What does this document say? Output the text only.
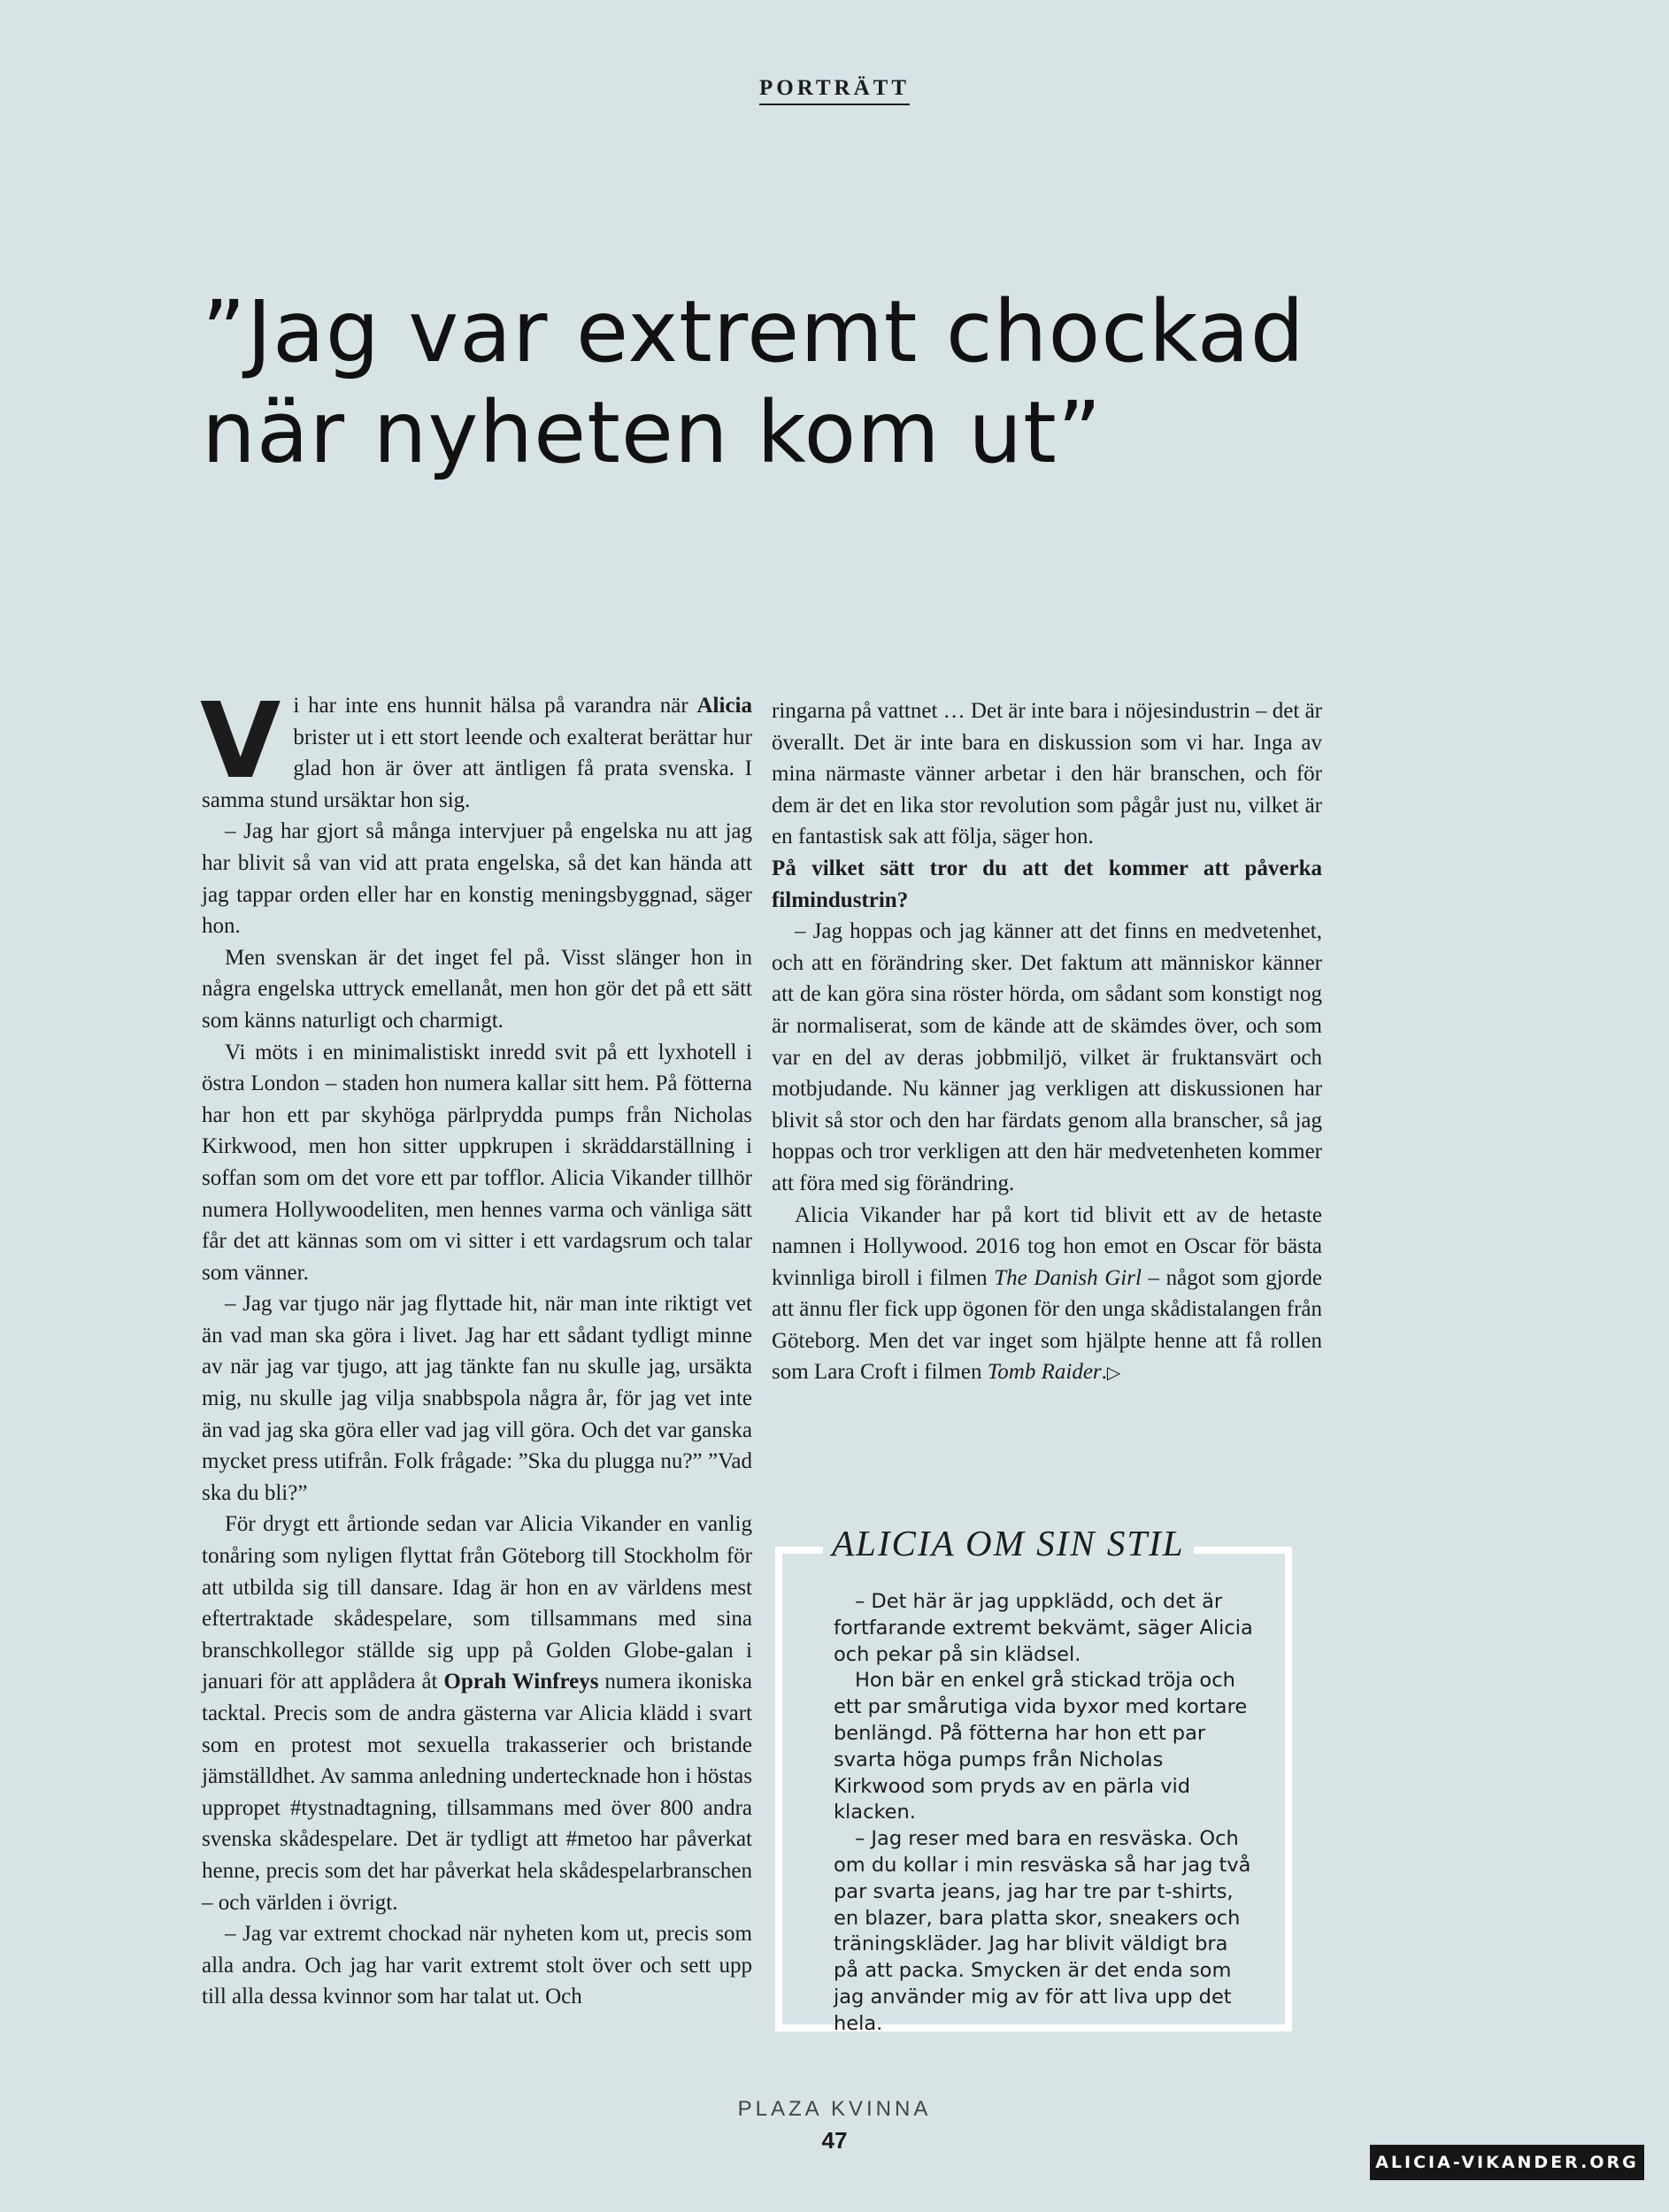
PORTRÄTT
”Jag var extremt chockad
när nyheten kom ut”

Vi har inte ens hunnit hälsa på varandra när Alicia brister ut i ett stort leende och exalterat berättar hur glad hon är över att äntligen få prata svenska. I samma stund ursäktar hon sig.

– Jag har gjort så många intervjuer på engelska nu att jag har blivit så van vid att prata engelska, så det kan hända att jag tappar orden eller har en konstig meningsbyggnad, säger hon.

Men svenskan är det inget fel på. Visst slänger hon in några engelska uttryck emellanåt, men hon gör det på ett sätt som känns naturligt och charmigt.

Vi möts i en minimalistiskt inredd svit på ett lyxhotell i östra London – staden hon numera kallar sitt hem. På fötterna har hon ett par skyhöga pärlprydda pumps från Nicholas Kirkwood, men hon sitter uppkrupen i skräddarställning i soffan som om det vore ett par tofflor. Alicia Vikander tillhör numera Hollywoodeliten, men hennes varma och vänliga sätt får det att kännas som om vi sitter i ett vardagsrum och talar som vänner.

– Jag var tjugo när jag flyttade hit, när man inte riktigt vet än vad man ska göra i livet. Jag har ett sådant tydligt minne av när jag var tjugo, att jag tänkte fan nu skulle jag, ursäkta mig, nu skulle jag vilja snabbspola några år, för jag vet inte än vad jag ska göra eller vad jag vill göra. Och det var ganska mycket press utifrån. Folk frågade: ”Ska du plugga nu?” ”Vad ska du bli?”

För drygt ett årtionde sedan var Alicia Vikander en vanlig tonåring som nyligen flyttat från Göteborg till Stockholm för att utbilda sig till dansare. Idag är hon en av världens mest eftertraktade skådespelare, som tillsammans med sina branschkollegor ställde sig upp på Golden Globe-galan i januari för att applådera åt Oprah Winfreys numera ikoniska tacktal. Precis som de andra gästerna var Alicia klädd i svart som en protest mot sexuella trakasserier och bristande jämställdhet. Av samma anledning undertecknade hon i höstas uppropet #tystnadtagning, tillsammans med över 800 andra svenska skådespelare. Det är tydligt att #metoo har påverkat henne, precis som det har påverkat hela skådespelarbranschen – och världen i övrigt.

– Jag var extremt chockad när nyheten kom ut, precis som alla andra. Och jag har varit extremt stolt över och sett upp till alla dessa kvinnor som har talat ut. Och

ringarna på vattnet … Det är inte bara i nöjesindustrin – det är överallt. Det är inte bara en diskussion som vi har. Inga av mina närmaste vänner arbetar i den här branschen, och för dem är det en lika stor revolution som pågår just nu, vilket är en fantastisk sak att följa, säger hon.

På vilket sätt tror du att det kommer att påverka filmindustrin?

– Jag hoppas och jag känner att det finns en medvetenhet, och att en förändring sker. Det faktum att människor känner att de kan göra sina röster hörda, om sådant som konstigt nog är normaliserat, som de kände att de skämdes över, och som var en del av deras jobbmiljö, vilket är fruktansvärt och motbjudande. Nu känner jag verkligen att diskussionen har blivit så stor och den har färdats genom alla branscher, så jag hoppas och tror verkligen att den här medvetenheten kommer att föra med sig förändring.

Alicia Vikander har på kort tid blivit ett av de hetaste namnen i Hollywood. 2016 tog hon emot en Oscar för bästa kvinnliga biroll i filmen The Danish Girl – något som gjorde att ännu fler fick upp ögonen för den unga skådistalangen från Göteborg. Men det var inget som hjälpte henne att få rollen som Lara Croft i filmen Tomb Raider.▷

ALICIA OM SIN STIL

– Det här är jag uppklädd, och det är fortfarande extremt bekvämt, säger Alicia och pekar på sin klädsel.

Hon bär en enkel grå stickad tröja och ett par smårutiga vida byxor med kortare benlängd. På fötterna har hon ett par svarta höga pumps från Nicholas Kirkwood som pryds av en pärla vid klacken.

– Jag reser med bara en resväska. Och om du kollar i min resväska så har jag två par svarta jeans, jag har tre par t-shirts, en blazer, bara platta skor, sneakers och träningskläder. Jag har blivit väldigt bra på att packa. Smycken är det enda som jag använder mig av för att liva upp det hela.

PLAZA KVINNA
47
ALICIA-VIKANDER.ORG
